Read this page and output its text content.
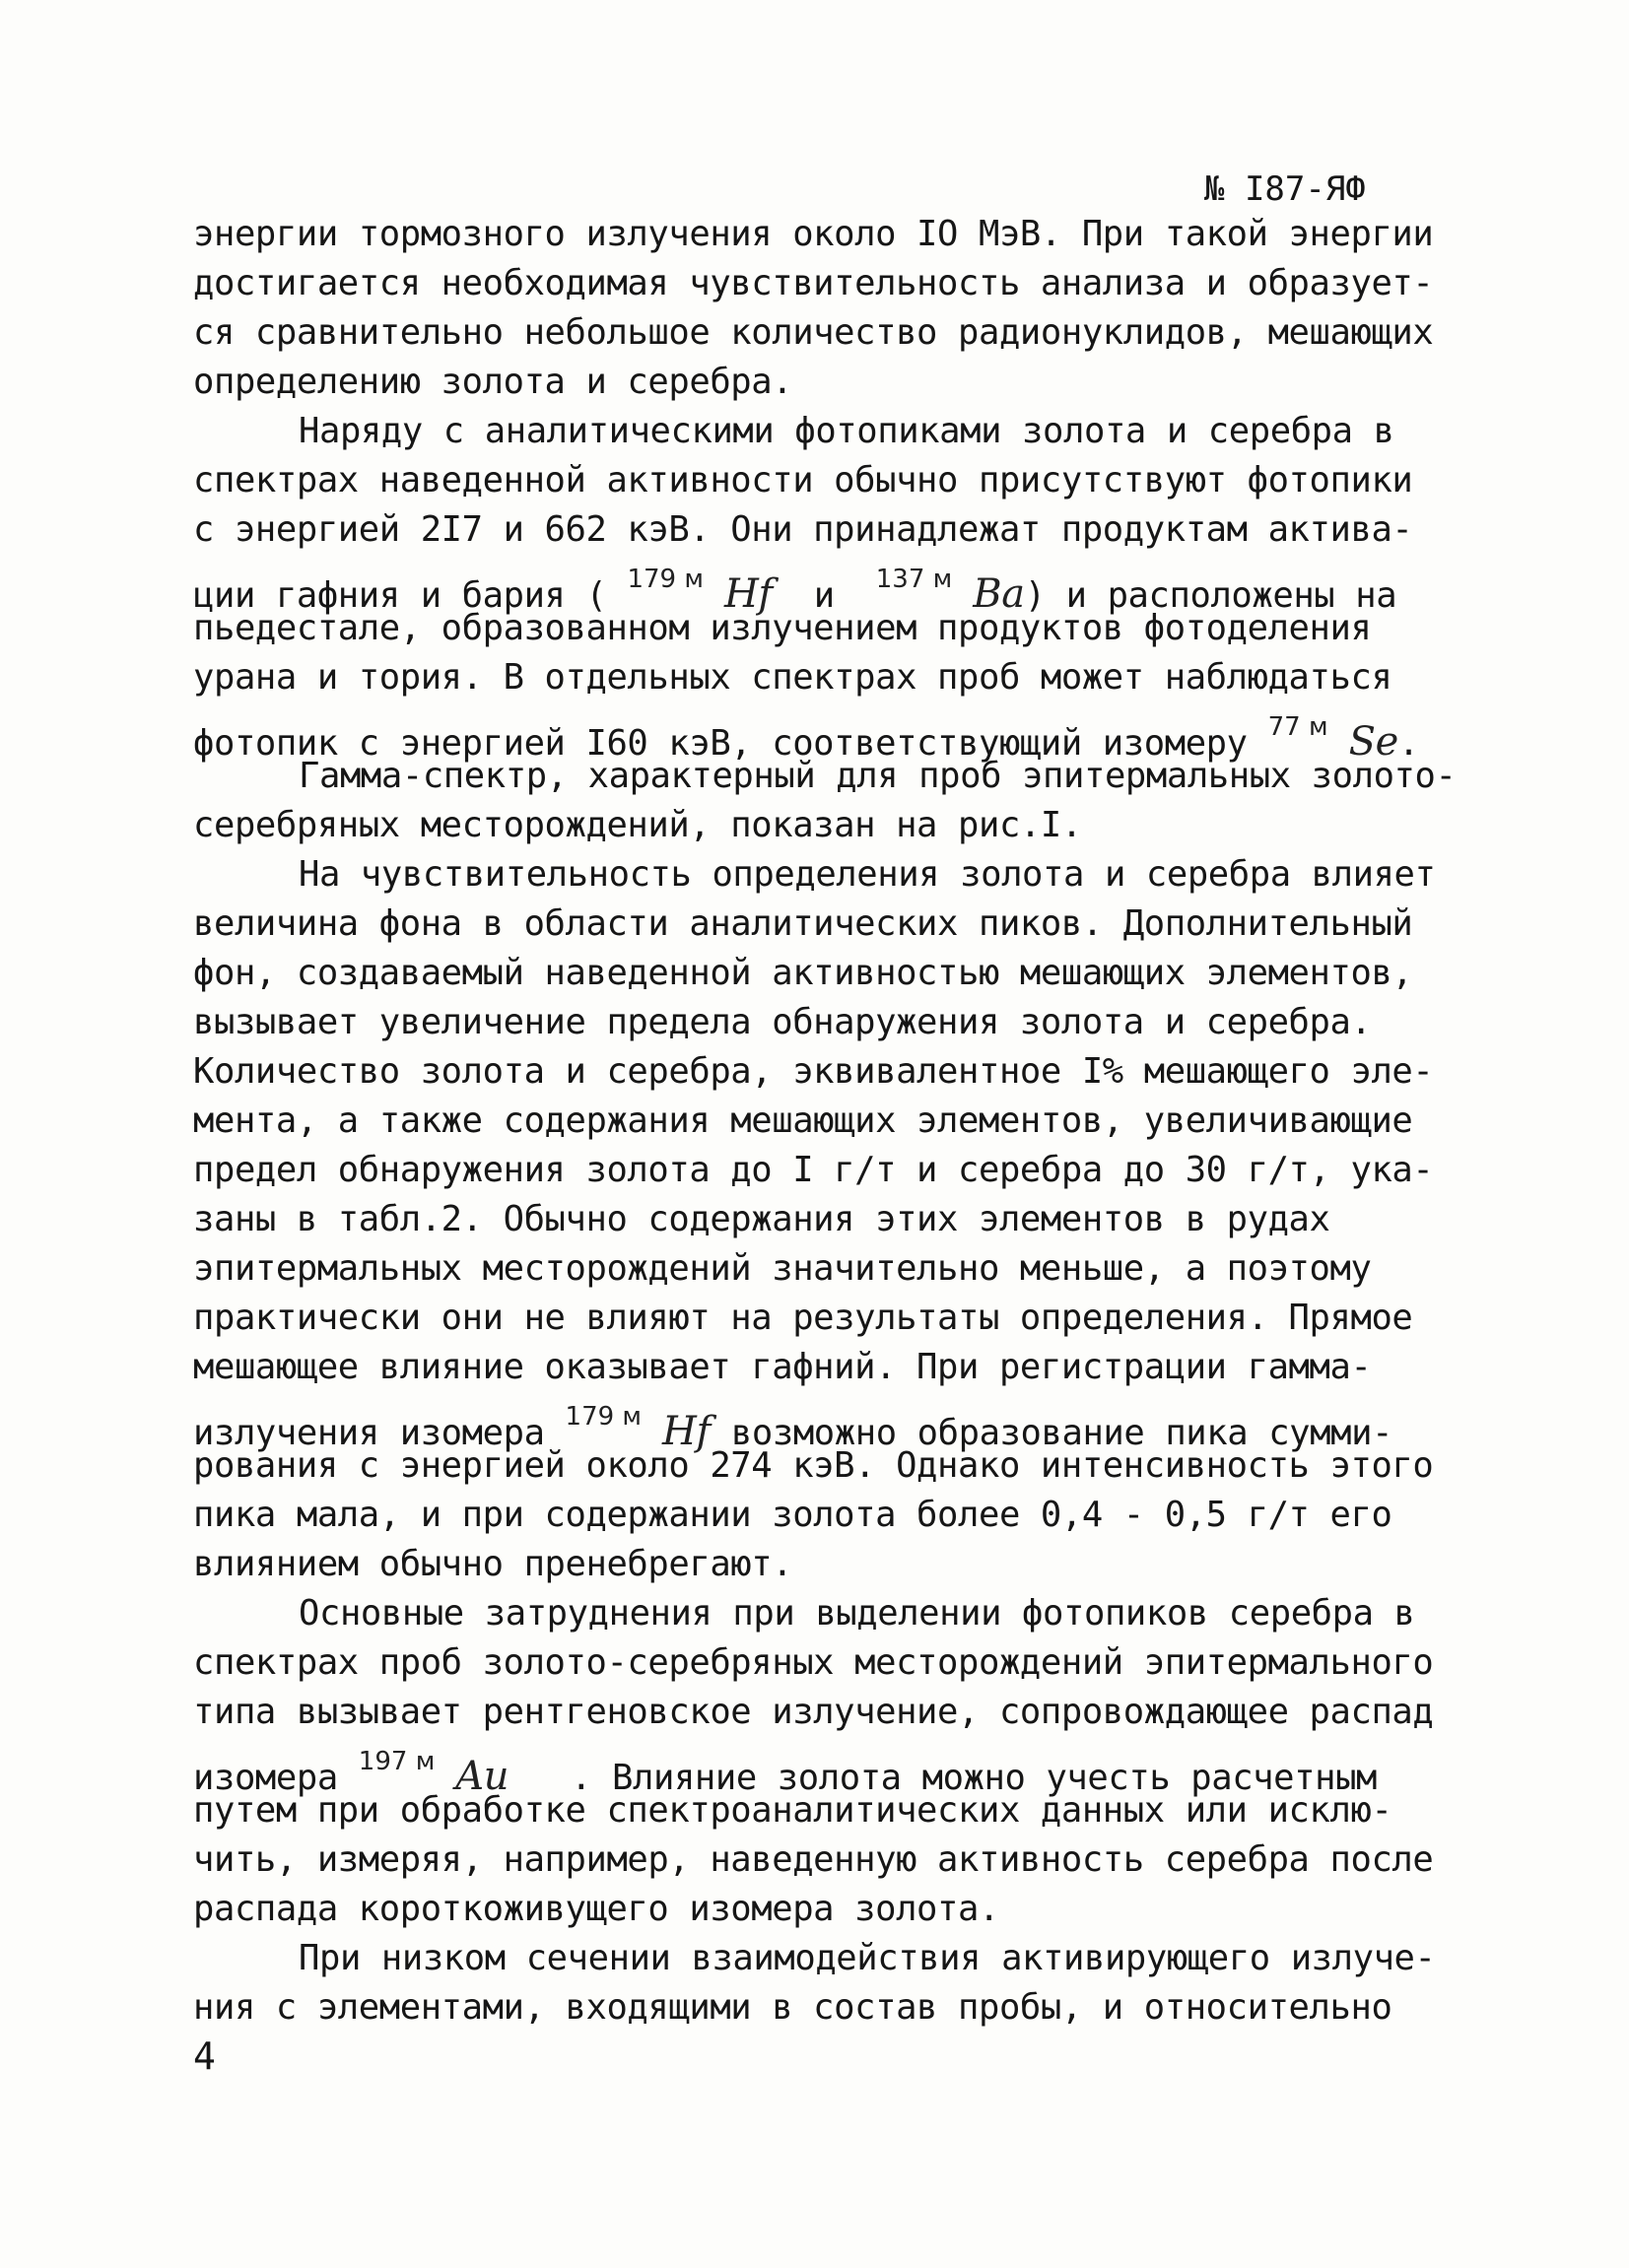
№ I87-ЯФ
энергии тормозного излучения около IO МэВ. При такой энергии
достигается необходимая чувствительность анализа и образует-
ся сравнительно небольшое количество радионуклидов, мешающих
определению золота и серебра.
Наряду с аналитическими фотопиками золота и серебра в
спектрах наведенной активности обычно присутствуют фотопики
с энергией 2I7 и 662 кэВ. Они принадлежат продуктам актива-
ции гафния и бария ( $^{179 м}$ Hf и $^{137 м}$ Ba) и расположены на
пьедестале, образованном излучением продуктов фотоделения
урана и тория. В отдельных спектрах проб может наблюдаться
фотопик с энергией I60 кэВ, соответствующий изомеру $^{77 м}$ Se.
Гамма-спектр, характерный для проб эпитермальных золото-
серебряных месторождений, показан на рис.I.
На чувствительность определения золота и серебра влияет
величина фона в области аналитических пиков. Дополнительный
фон, создаваемый наведенной активностью мешающих элементов,
вызывает увеличение предела обнаружения золота и серебра.
Количество золота и серебра, эквивалентное I% мешающего эле-
мента, а также содержания мешающих элементов, увеличивающие
предел обнаружения золота до I г/т и серебра до 30 г/т, ука-
заны в табл.2. Обычно содержания этих элементов в рудах
эпитермальных месторождений значительно меньше, а поэтому
практически они не влияют на результаты определения. Прямое
мешающее влияние оказывает гафний. При регистрации гамма-
излучения изомера $^{179 м}$ Hf возможно образование пика сумми-
рования с энергией около 274 кэВ. Однако интенсивность этого
пика мала, и при содержании золота более 0,4 - 0,5 г/т его
влиянием обычно пренебрегают.
Основные затруднения при выделении фотопиков серебра в
спектрах проб золото-серебряных месторождений эпитермального
типа вызывает рентгеновское излучение, сопровождающее распад
изомера $^{197 м}$ Au . Влияние золота можно учесть расчетным
путем при обработке спектроаналитических данных или исклю-
чить, измеряя, например, наведенную активность серебра после
распада короткоживущего изомера золота.
При низком сечении взаимодействия активирующего излуче-
ния с элементами, входящими в состав пробы, и относительно
4
